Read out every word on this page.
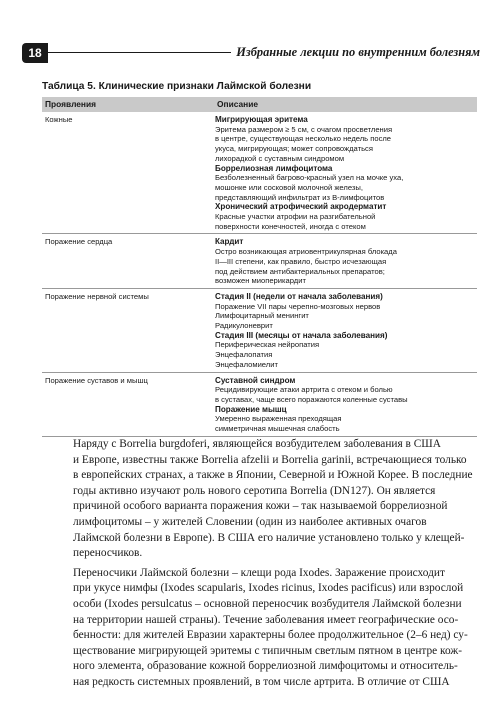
18	Избранные лекции по внутренним болезням
Таблица 5. Клинические признаки Лаймской болезни
Проявления	Описание
Кожные	Мигрирующая эритема
Эритема размером ≥ 5 см, с очагом просветления
в центре, существующая несколько недель после
укуса, мигрирующая; может сопровождаться
лихорадкой с суставным синдромом
Боррелиозная лимфоцитома
Безболезненный багрово-красный узел на мочке уха,
мошонке или сосковой молочной железы,
представляющий инфильтрат из В-лимфоцитов
Хронический атрофический акродерматит
Красные участки атрофии на разгибательной
поверхности конечностей, иногда с отеком
Поражение сердца	Кардит
Остро возникающая атриовентрикулярная блокада
II—III степени, как правило, быстро исчезающая
под действием антибактериальных препаратов;
возможен миоперикардит
Поражение нервной системы	Стадия II (недели от начала заболевания)
Поражение VII пары черепно-мозговых нервов
Лимфоцитарный менингит
Радикулоневрит
Стадия III (месяцы от начала заболевания)
Периферическая нейропатия
Энцефалопатия
Энцефаломиелит
Поражение суставов и мышц	Суставной синдром
Рецидивирующие атаки артрита с отеком и болью
в суставах, чаще всего поражаются коленные суставы
Поражение мышц
Умеренно выраженная преходящая
симметричная мышечная слабость

Наряду с Borrelia burgdoferi, являющейся возбудителем заболевания в США
и Европе, известны также Borrelia afzelii и Borrelia garinii, встречающиеся только
в европейских странах, а также в Японии, Северной и Южной Корее. В последние
годы активно изучают роль нового серотипа Borrelia (DN127). Он является
причиной особого варианта поражения кожи – так называемой боррелиозной
лимфоцитомы – у жителей Словении (один из наиболее активных очагов
Лаймской болезни в Европе). В США его наличие установлено только у клещей-
переносчиков.

Переносчики Лаймской болезни – клещи рода Ixodes. Заражение происходит
при укусе нимфы (Ixodes scapularis, Ixodes ricinus, Ixodes pacificus) или взрослой
особи (Ixodes persulcatus – основной переносчик возбудителя Лаймской болезни
на территории нашей страны). Течение заболевания имеет географические осо-
бенности: для жителей Евразии характерны более продолжительное (2–6 нед) су-
ществование мигрирующей эритемы с типичным светлым пятном в центре кож-
ного элемента, образование кожной боррелиозной лимфоцитомы и относитель-
ная редкость системных проявлений, в том числе артрита. В отличие от США
